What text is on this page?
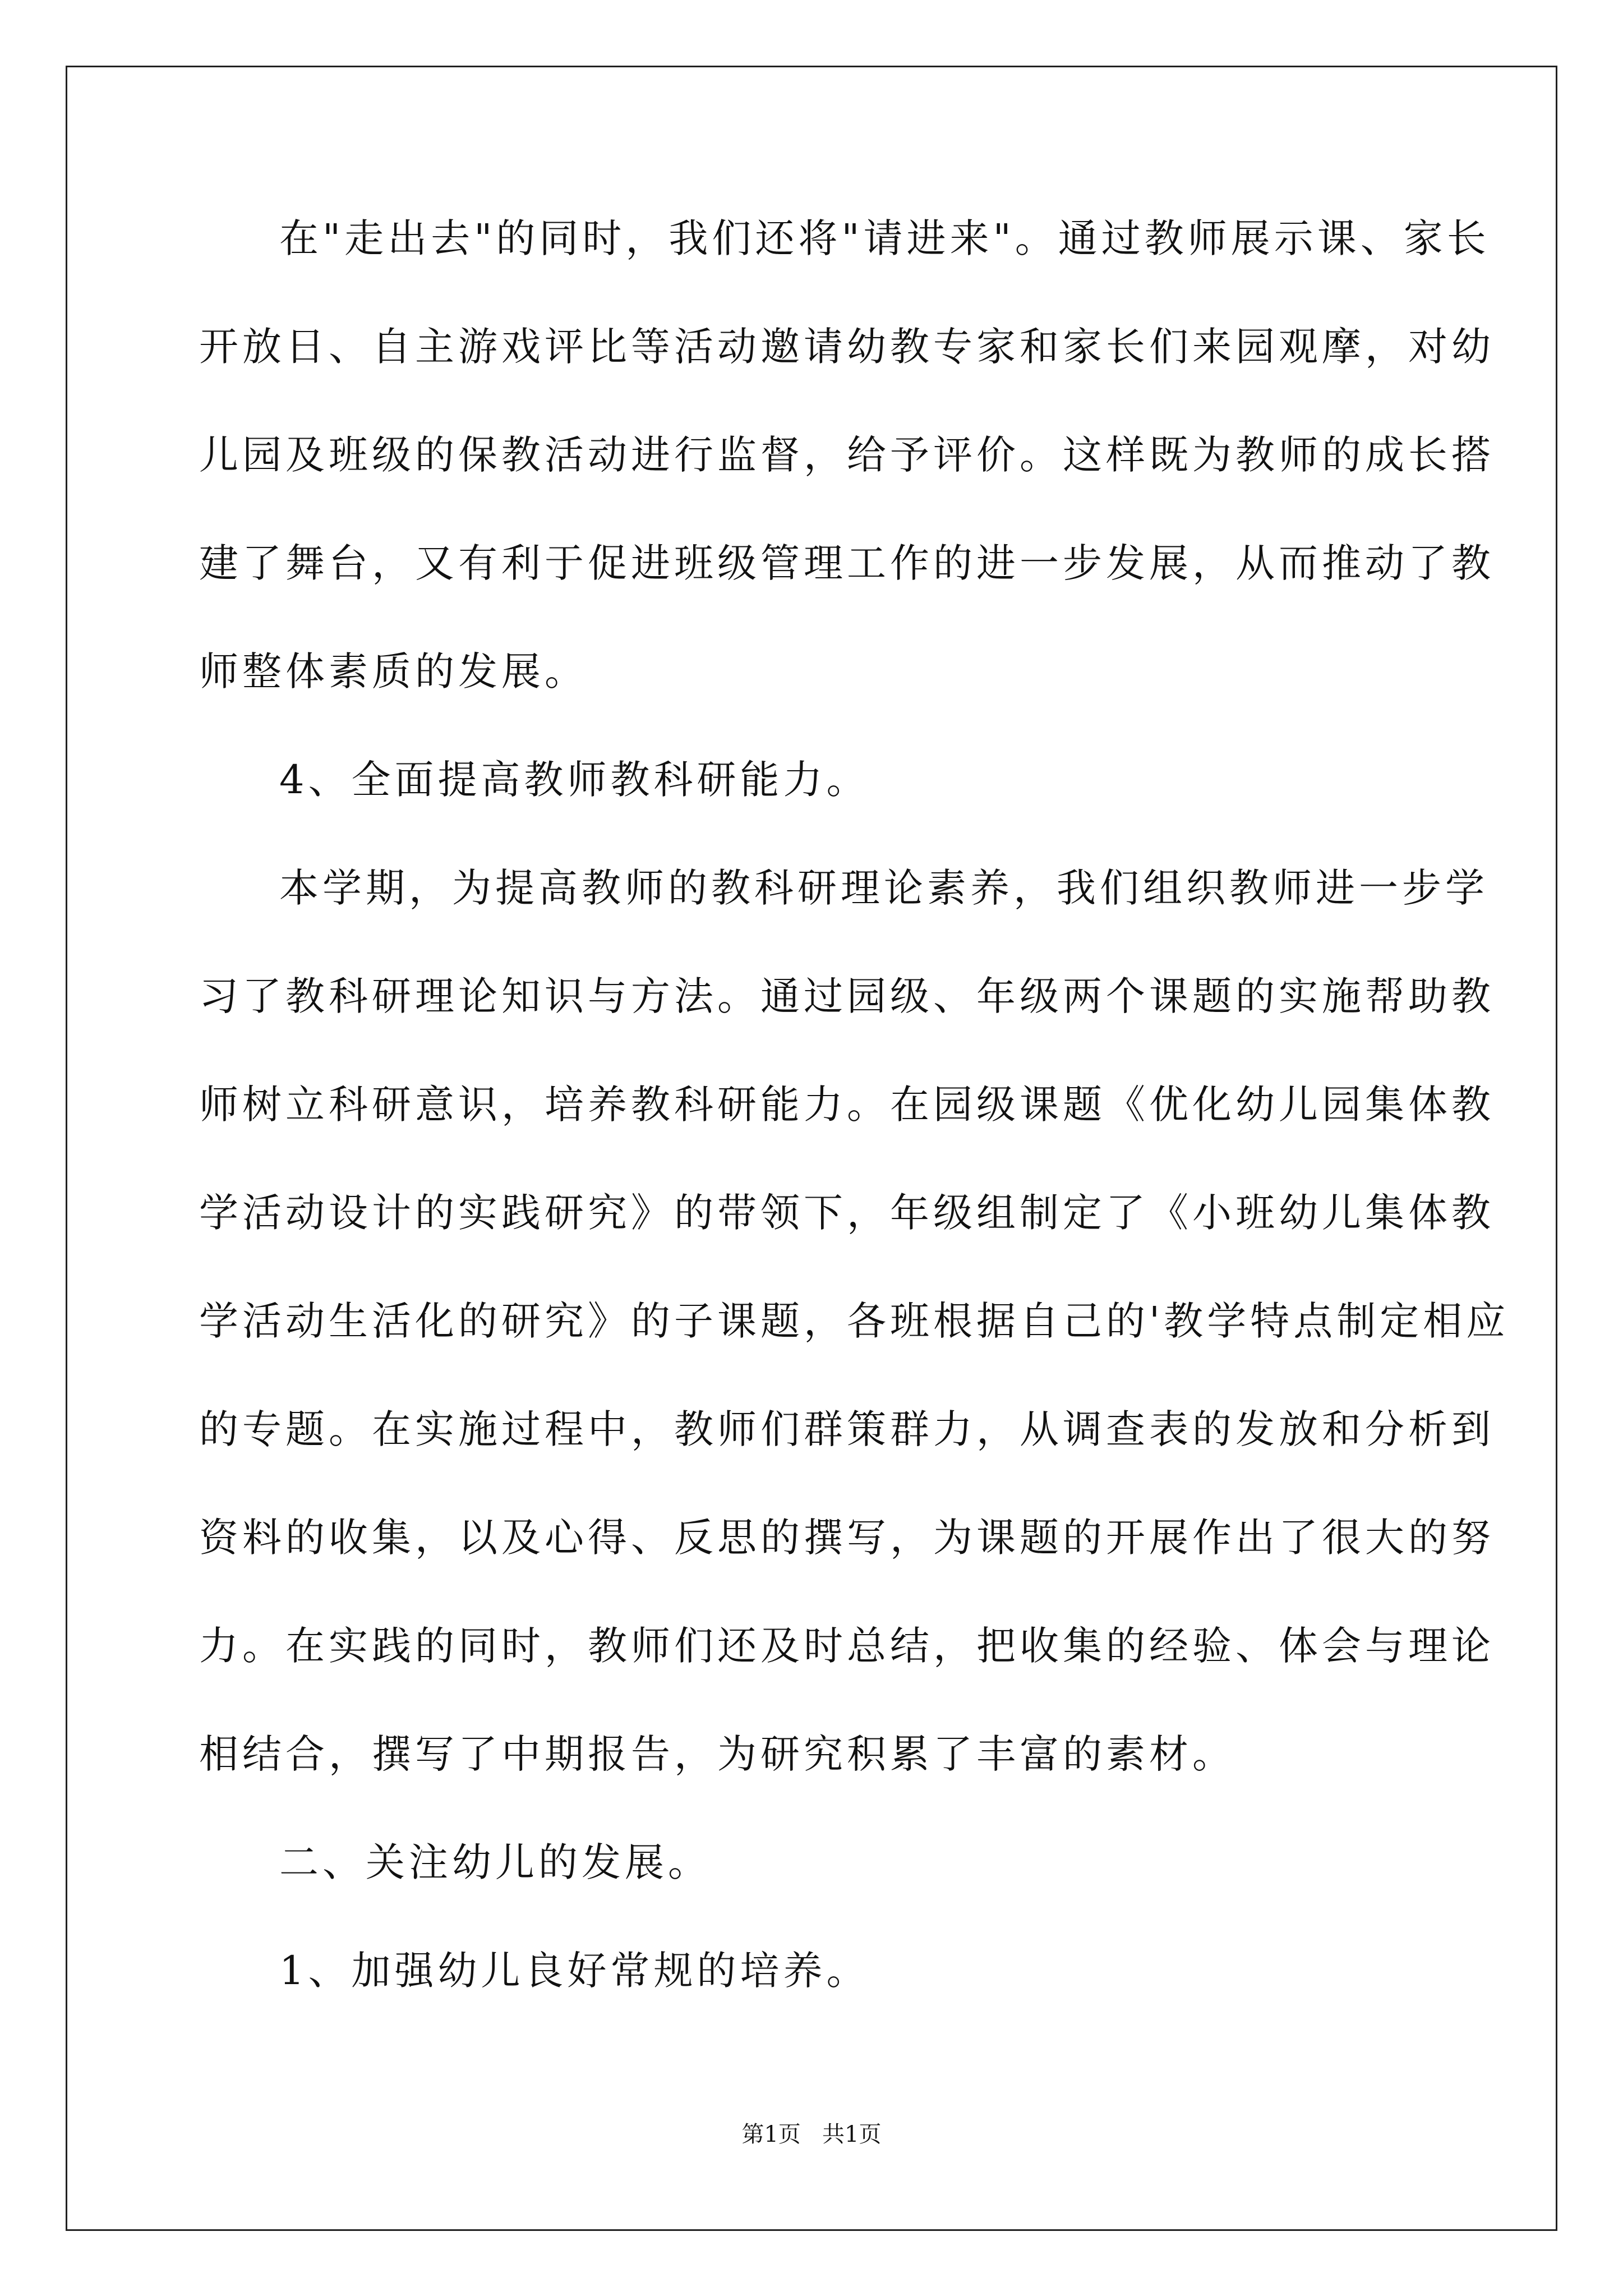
在"走出去"的同时，我们还将"请进来"。通过教师展示课、家长
开放日、自主游戏评比等活动邀请幼教专家和家长们来园观摩，对幼
儿园及班级的保教活动进行监督，给予评价。这样既为教师的成长搭
建了舞台，又有利于促进班级管理工作的进一步发展，从而推动了教
师整体素质的发展。
4、全面提高教师教科研能力。
本学期，为提高教师的教科研理论素养，我们组织教师进一步学
习了教科研理论知识与方法。通过园级、年级两个课题的实施帮助教
师树立科研意识，培养教科研能力。在园级课题《优化幼儿园集体教
学活动设计的实践研究》的带领下，年级组制定了《小班幼儿集体教
学活动生活化的研究》的子课题，各班根据自己的'教学特点制定相应
的专题。在实施过程中，教师们群策群力，从调查表的发放和分析到
资料的收集，以及心得、反思的撰写，为课题的开展作出了很大的努
力。在实践的同时，教师们还及时总结，把收集的经验、体会与理论
相结合，撰写了中期报告，为研究积累了丰富的素材。
二、关注幼儿的发展。
1、加强幼儿良好常规的培养。
第1页   共1页
